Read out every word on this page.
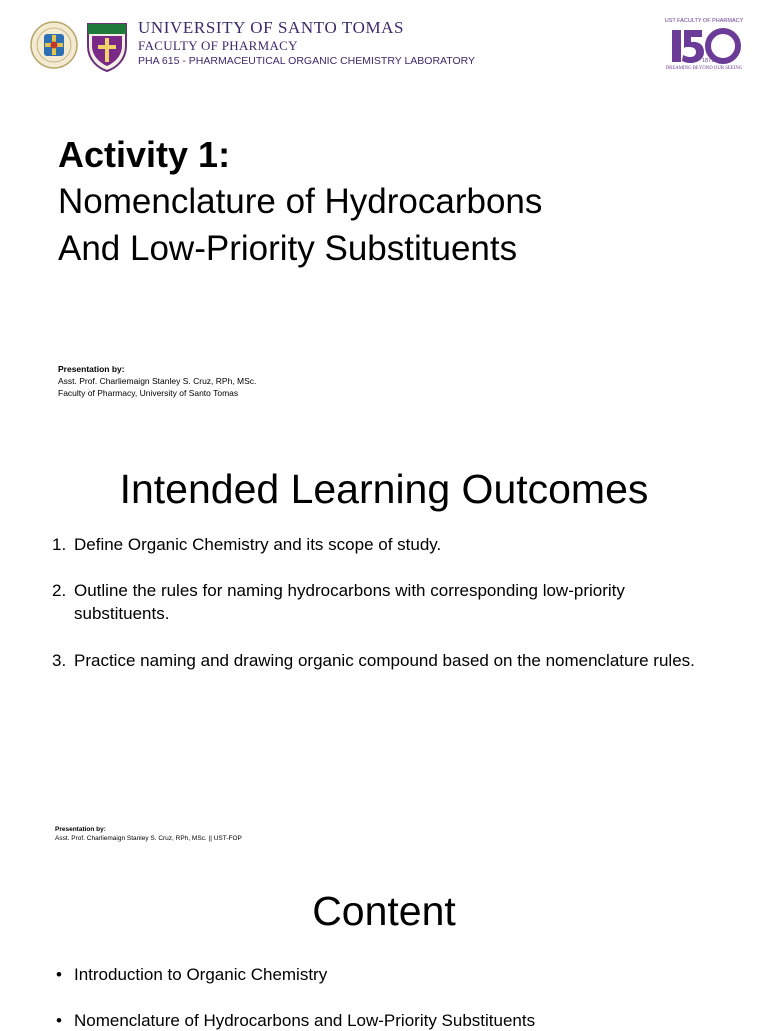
UNIVERSITY OF SANTO TOMAS
FACULTY OF PHARMACY
PHA 615 - PHARMACEUTICAL ORGANIC CHEMISTRY LABORATORY
UST FACULTY OF PHARMACY
1871-2021
DREAMING BEYOND OUR SEEING
Activity 1:
Nomenclature of Hydrocarbons
And Low-Priority Substituents
Presentation by:
Asst. Prof. Charliemaign Stanley S. Cruz, RPh, MSc.
Faculty of Pharmacy, University of Santo Tomas
Intended Learning Outcomes
1. Define Organic Chemistry and its scope of study.
2. Outline the rules for naming hydrocarbons with corresponding low-priority substituents.
3. Practice naming and drawing organic compound based on the nomenclature rules.
Presentation by:
Asst. Prof. Charliemaign Stanley S. Cruz, RPh, MSc. || UST-FOP
Content
• Introduction to Organic Chemistry
• Nomenclature of Hydrocarbons and Low-Priority Substituents
